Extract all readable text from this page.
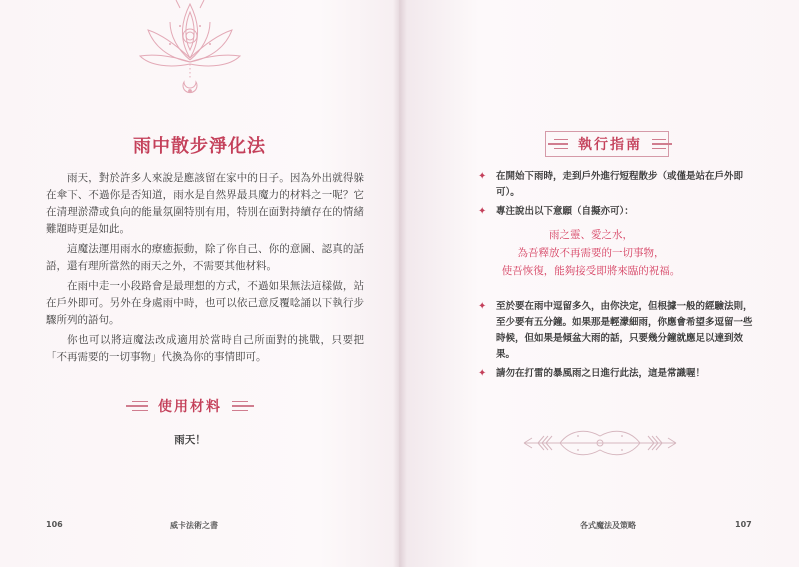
雨中散步淨化法

雨天，對於許多人來說是應該留在家中的日子。因為外出就得躲在傘下、不過你是否知道，雨水是自然界最具魔力的材料之一呢？它在清理淤滯或負向的能量氛圍特別有用，特別在面對持續存在的情緒難題時更是如此。

這魔法運用雨水的療癒振動，除了你自己、你的意圖、認真的話語，還有理所當然的雨天之外，不需要其他材料。

在雨中走一小段路會是最理想的方式，不過如果無法這樣做，站在戶外即可。另外在身處雨中時，也可以依己意反覆唸誦以下執行步驟所列的語句。

你也可以將這魔法改成適用於當時自己所面對的挑戰，只要把「不再需要的一切事物」代換為你的事情即可。

使用材料
雨天！
106	威卡法術之書
執行指南
✦ 在開始下雨時，走到戶外進行短程散步（或僅是站在戶外即可）。
✦ 專注說出以下意願（自擬亦可）：
雨之靈、愛之水，
為吾釋放不再需要的一切事物，
使吾恢復，能夠接受即將來臨的祝福。
✦ 至於要在雨中逗留多久，由你決定，但根據一般的經驗法則，至少要有五分鐘。如果那是輕濛細雨，你應會希望多逗留一些時候，但如果是傾盆大雨的話，只要幾分鐘就應足以達到效果。
✦ 請勿在打雷的暴風雨之日進行此法，這是常識喔！
各式魔法及策略	107
